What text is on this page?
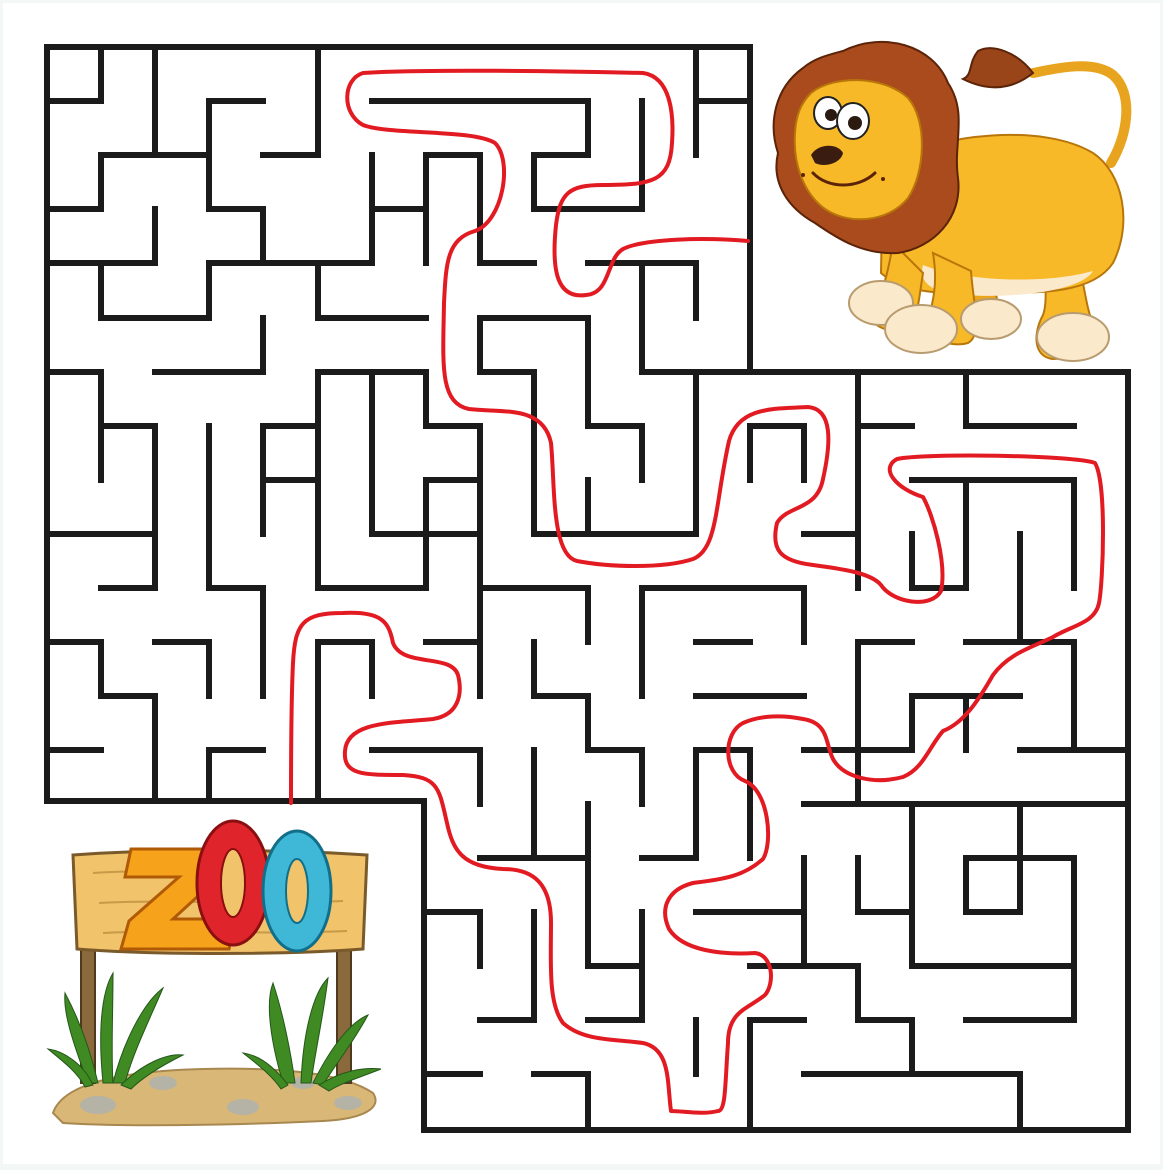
ZOO
